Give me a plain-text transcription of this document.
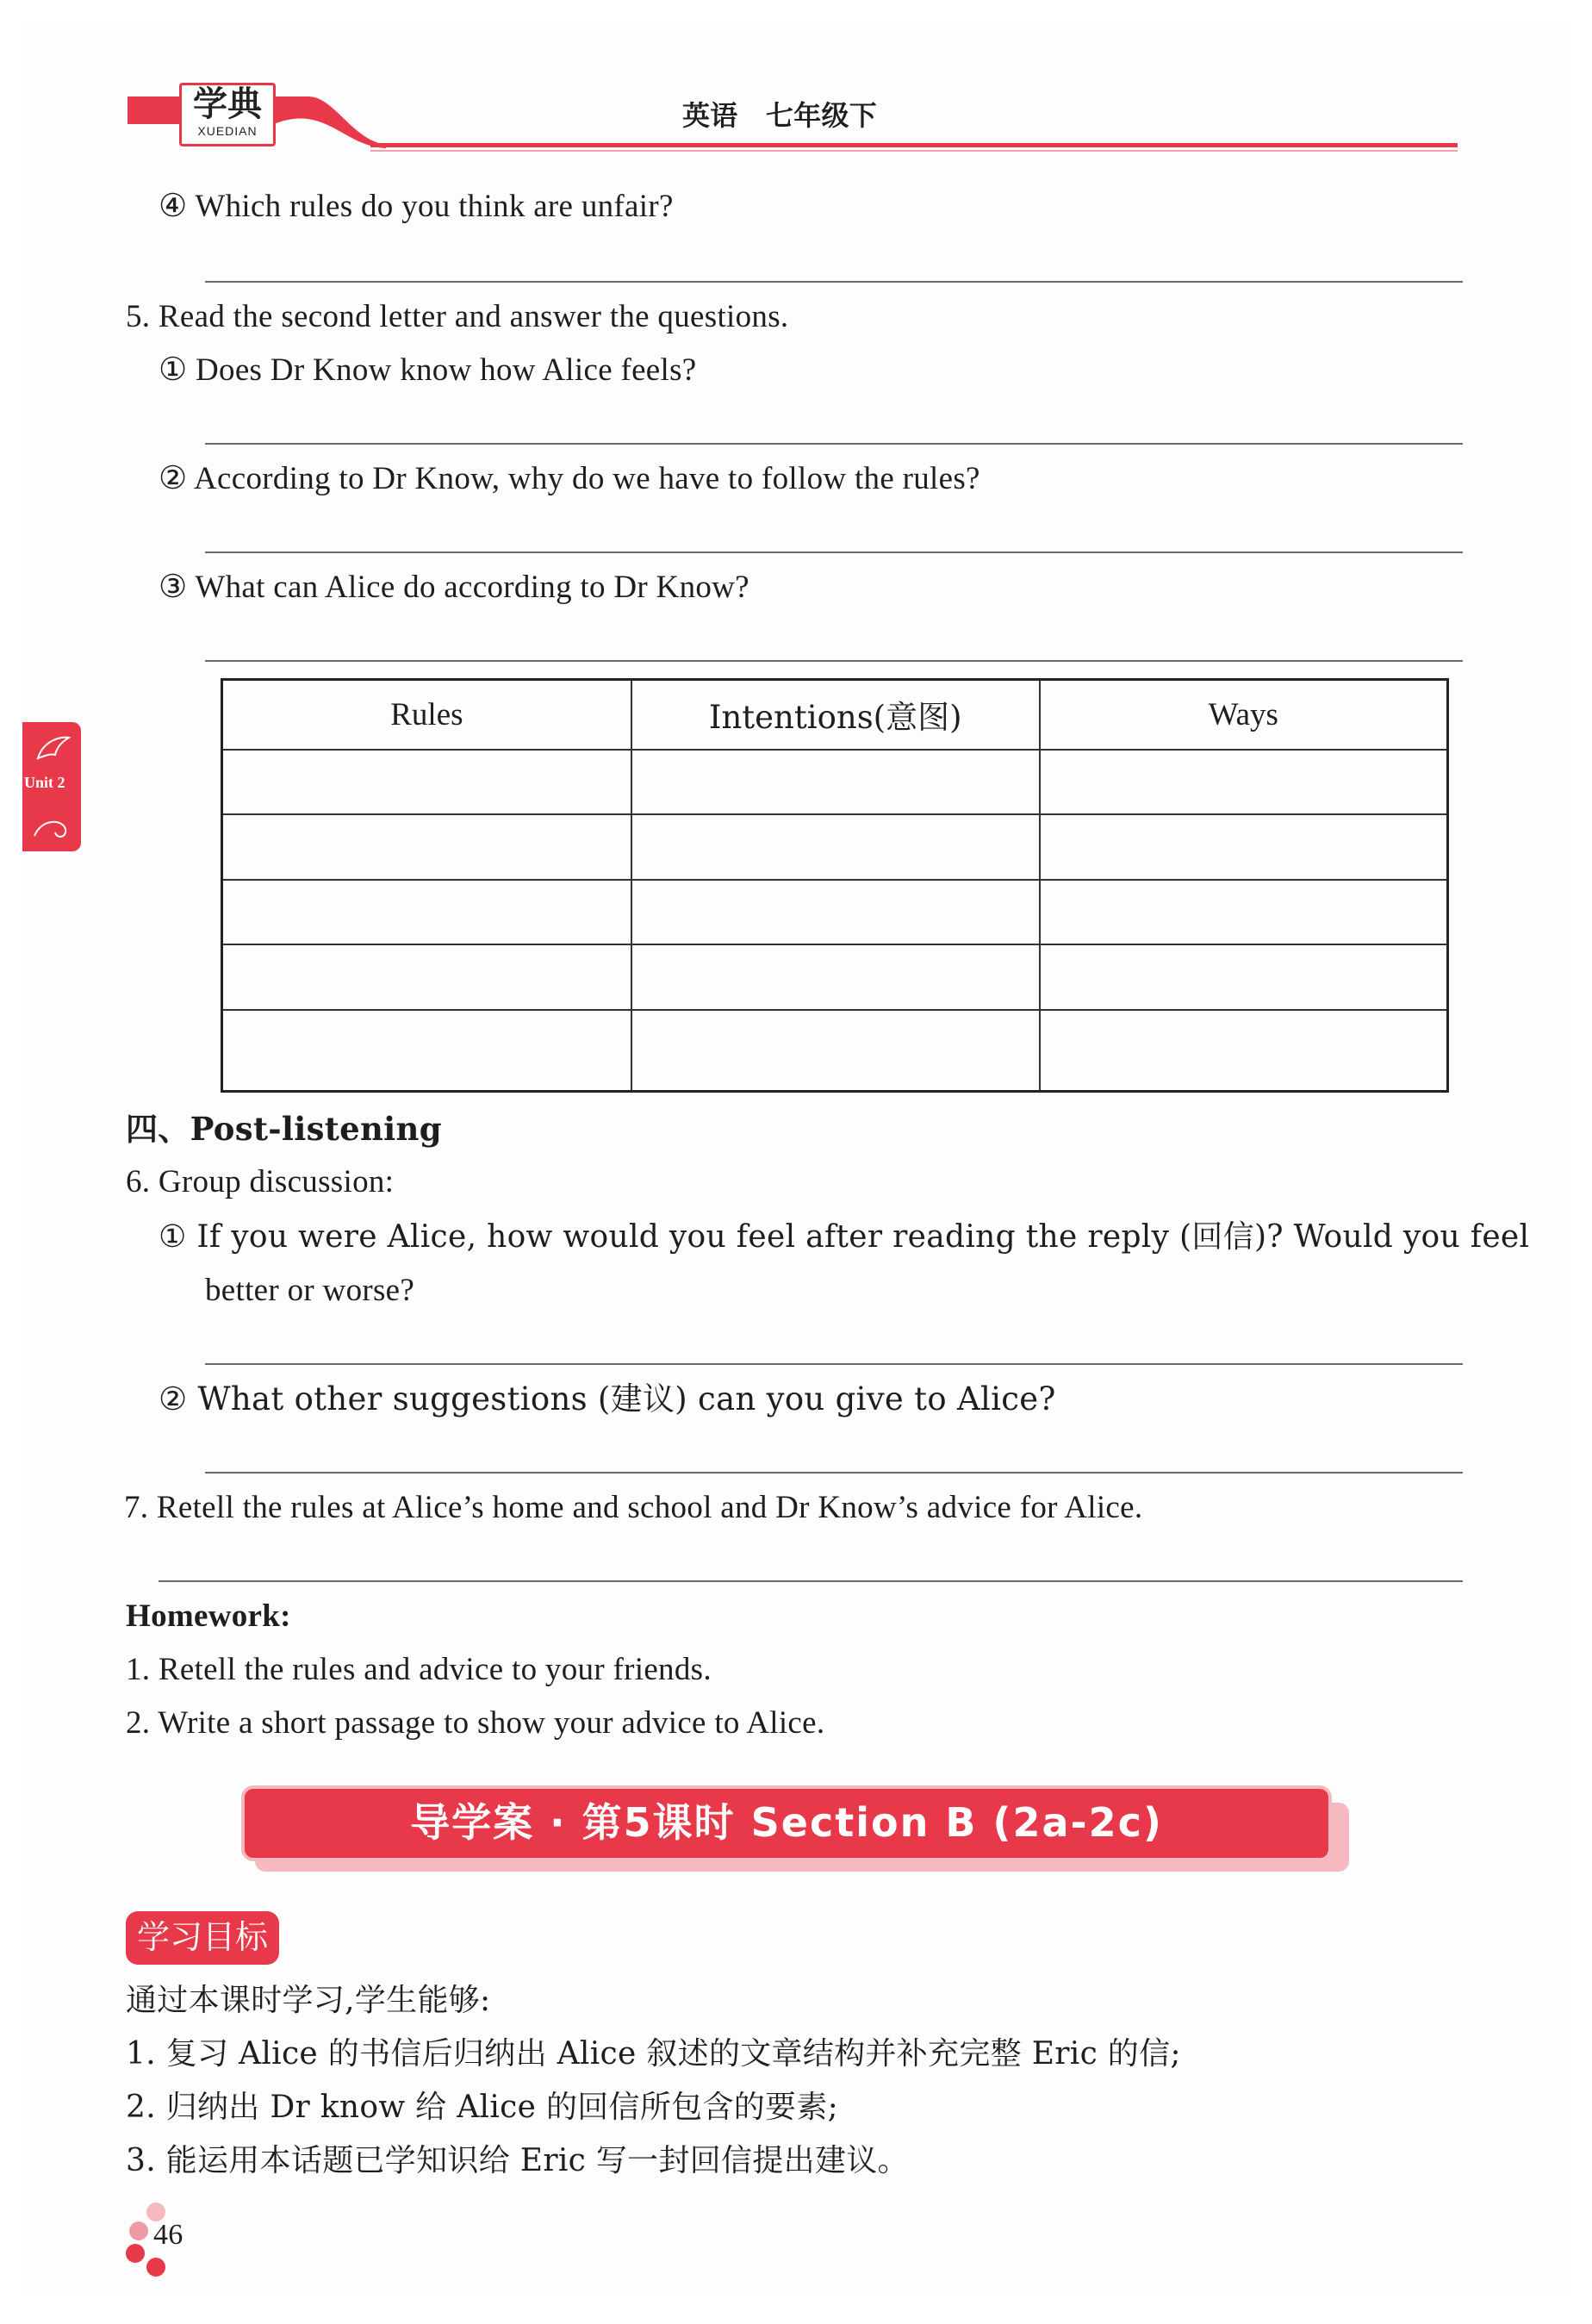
学典
XUEDIAN	英语　七年级下
Unit 2
④ Which rules do you think are unfair?
5. Read the second letter and answer the questions.
① Does Dr Know know how Alice feels?
② According to Dr Know, why do we have to follow the rules?
③ What can Alice do according to Dr Know?
Rules	Intentions(意图)	Ways

四、Post-listening
6. Group discussion:
① If you were Alice, how would you feel after reading the reply (回信)? Would you feel
better or worse?
② What other suggestions (建议) can you give to Alice?
7. Retell the rules at Alice’s home and school and Dr Know’s advice for Alice.
Homework:
1. Retell the rules and advice to your friends.
2. Write a short passage to show your advice to Alice.
导学案 · 第5课时 Section B (2a-2c)
学习目标
通过本课时学习,学生能够:
1. 复习 Alice 的书信后归纳出 Alice 叙述的文章结构并补充完整 Eric 的信;
2. 归纳出 Dr know 给 Alice 的回信所包含的要素;
3. 能运用本话题已学知识给 Eric 写一封回信提出建议。
46
